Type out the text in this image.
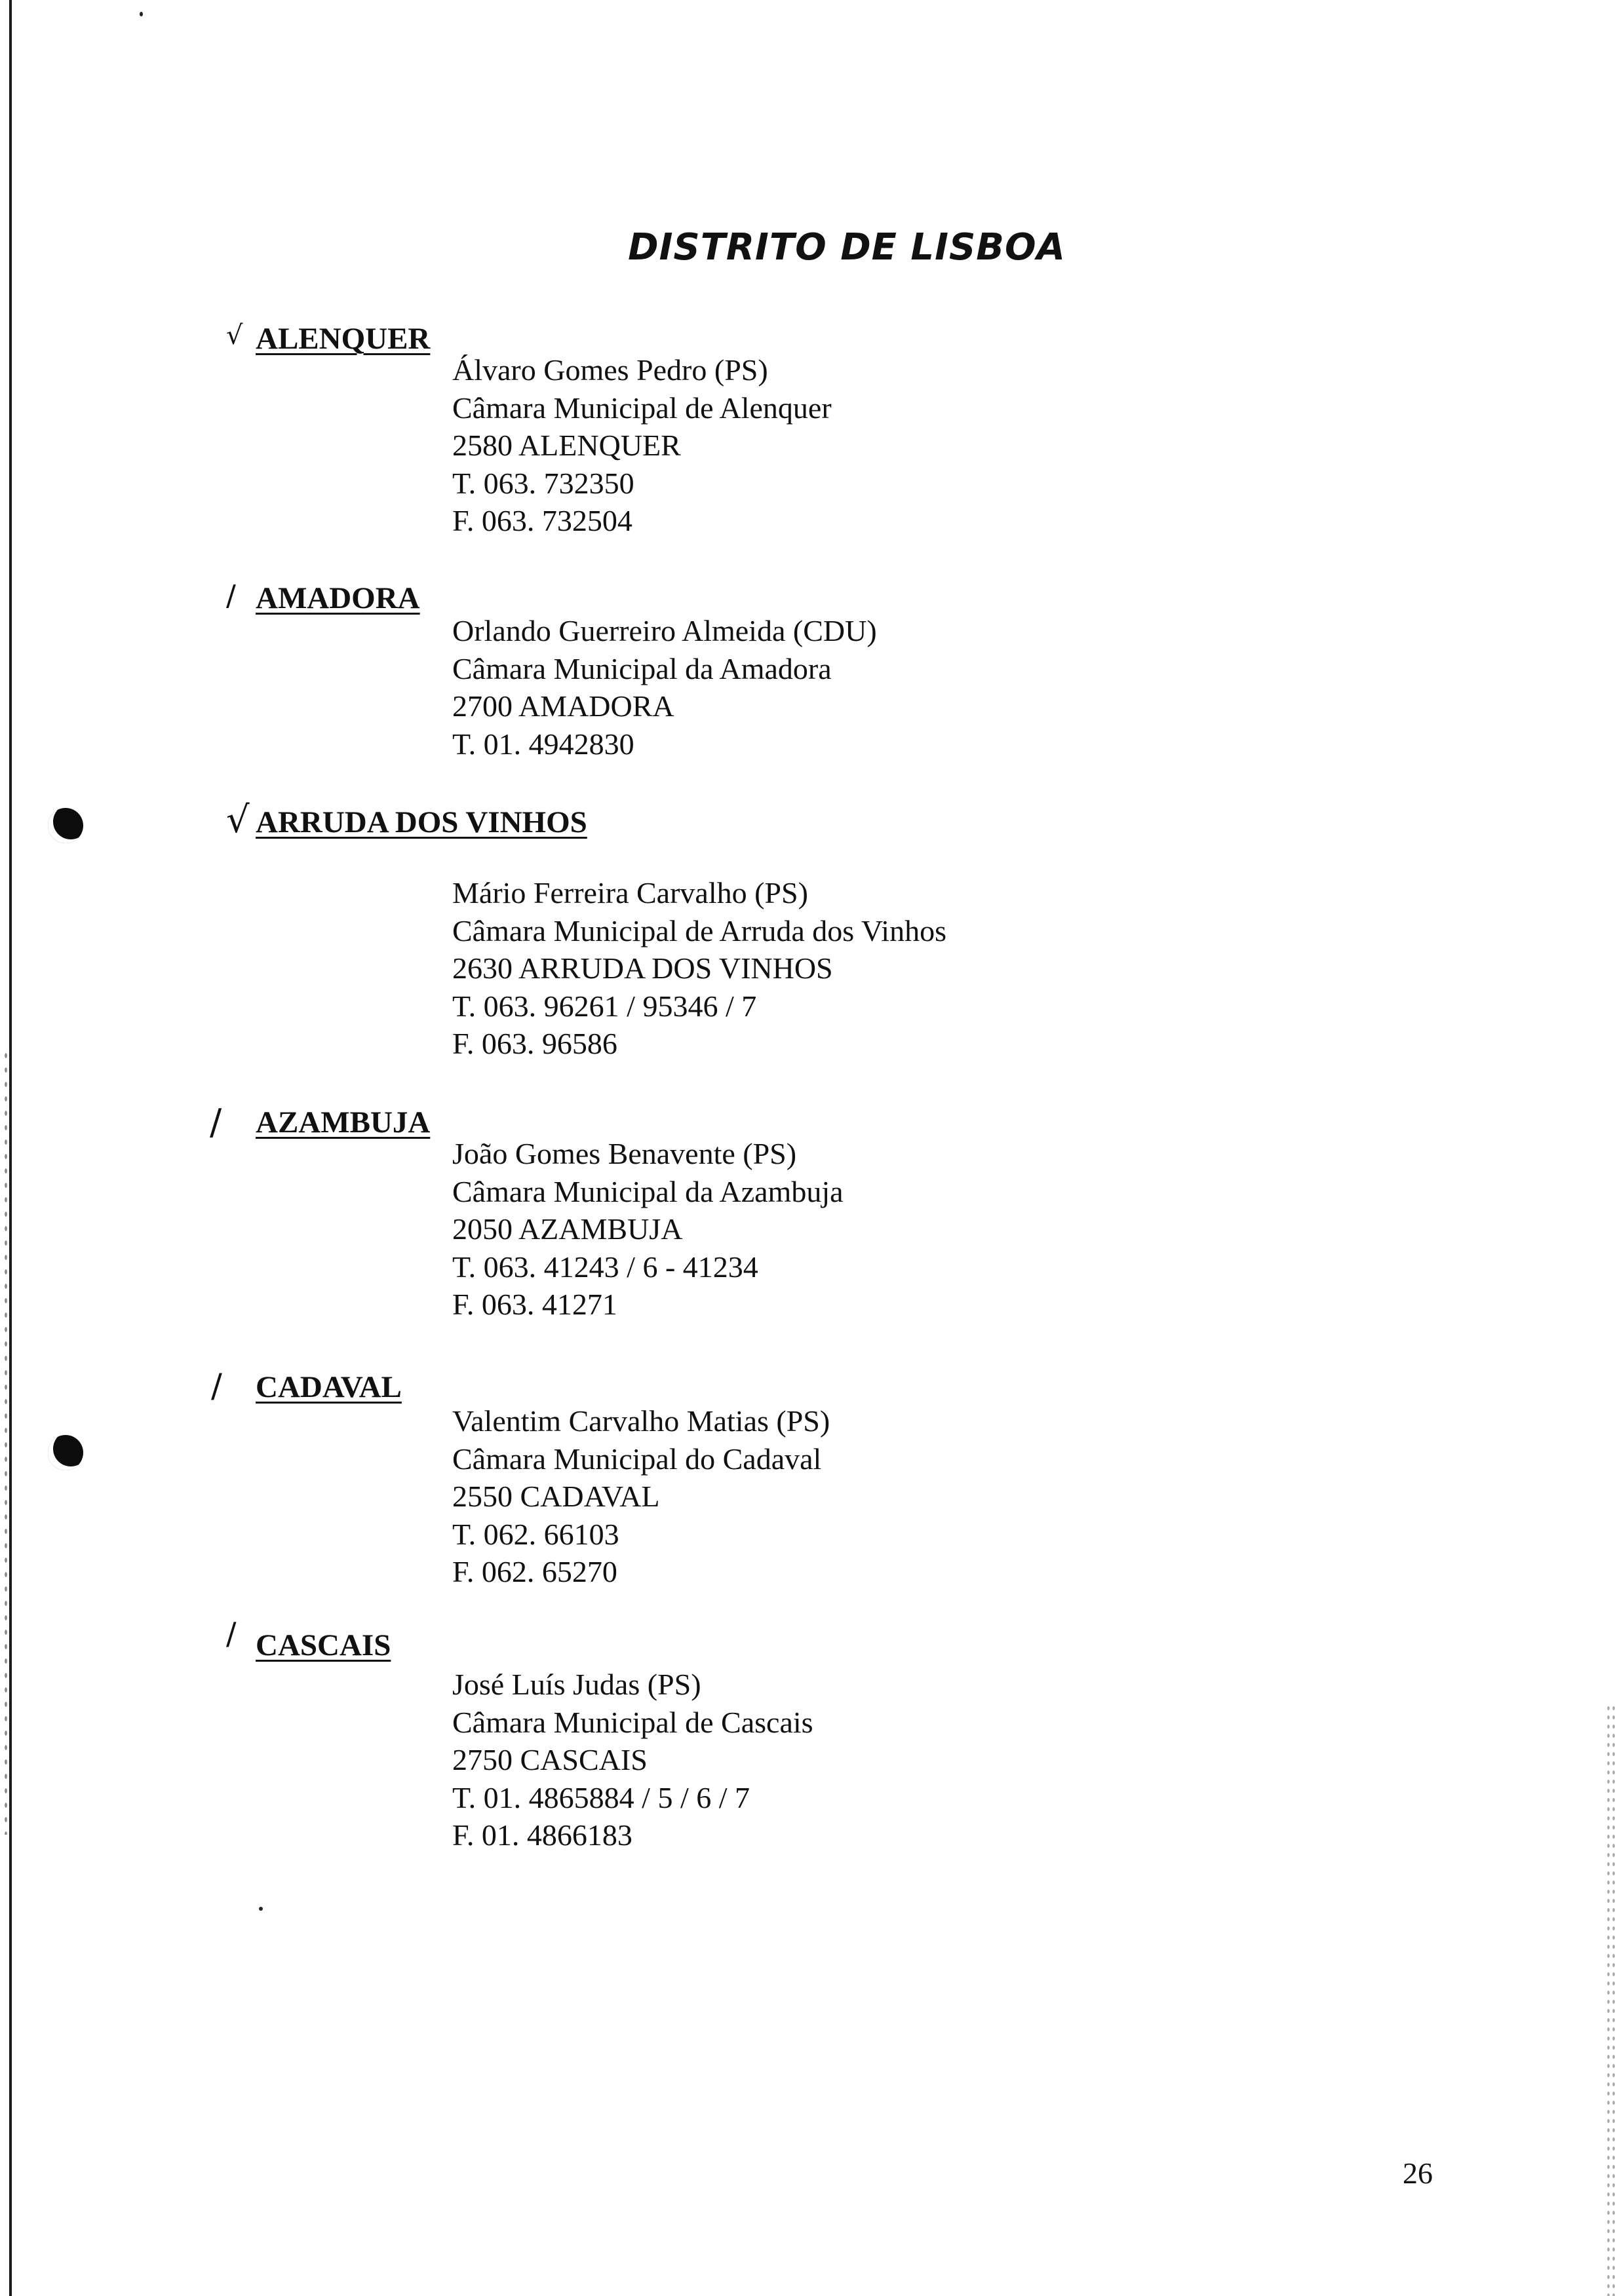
DISTRITO DE LISBOA
√ ALENQUER
Álvaro Gomes Pedro (PS)
Câmara Municipal de Alenquer
2580 ALENQUER
T. 063. 732350
F. 063. 732504
/ AMADORA
Orlando Guerreiro Almeida (CDU)
Câmara Municipal da Amadora
2700 AMADORA
T. 01. 4942830
√ ARRUDA DOS VINHOS
Mário Ferreira Carvalho (PS)
Câmara Municipal de Arruda dos Vinhos
2630 ARRUDA DOS VINHOS
T. 063. 96261 / 95346 / 7
F. 063. 96586
/ AZAMBUJA
João Gomes Benavente (PS)
Câmara Municipal da Azambuja
2050 AZAMBUJA
T. 063. 41243 / 6 - 41234
F. 063. 41271
/ CADAVAL
Valentim Carvalho Matias (PS)
Câmara Municipal do Cadaval
2550 CADAVAL
T. 062. 66103
F. 062. 65270
/ CASCAIS
José Luís Judas (PS)
Câmara Municipal de Cascais
2750 CASCAIS
T. 01. 4865884 / 5 / 6 / 7
F. 01. 4866183
26
